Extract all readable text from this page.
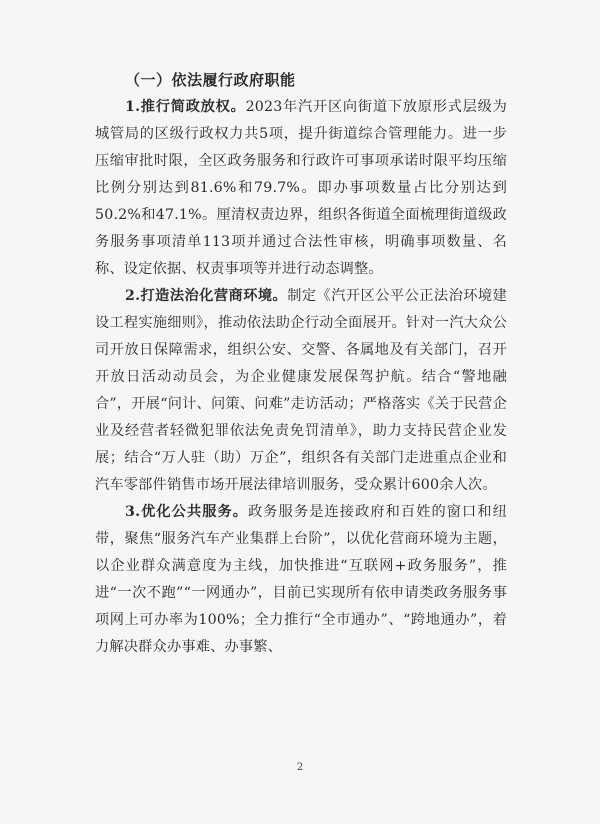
（一）依法履行政府职能

1.推行简政放权。2023年汽开区向街道下放原形式层级为城管局的区级行政权力共5项，提升街道综合管理能力。进一步压缩审批时限，全区政务服务和行政许可事项承诺时限平均压缩比例分别达到81.6%和79.7%。即办事项数量占比分别达到50.2%和47.1%。厘清权责边界，组织各街道全面梳理街道级政务服务事项清单113项并通过合法性审核，明确事项数量、名称、设定依据、权责事项等并进行动态调整。

2.打造法治化营商环境。制定《汽开区公平公正法治环境建设工程实施细则》，推动依法助企行动全面展开。针对一汽大众公司开放日保障需求，组织公安、交警、各属地及有关部门，召开开放日活动动员会，为企业健康发展保驾护航。结合“警地融合”，开展“问计、问策、问难”走访活动；严格落实《关于民营企业及经营者轻微犯罪依法免责免罚清单》，助力支持民营企业发展；结合“万人驻（助）万企”，组织各有关部门走进重点企业和汽车零部件销售市场开展法律培训服务，受众累计600余人次。

3.优化公共服务。政务服务是连接政府和百姓的窗口和纽带，聚焦“服务汽车产业集群上台阶”，以优化营商环境为主题，以企业群众满意度为主线，加快推进“互联网+政务服务”，推进“一次不跑”“一网通办”，目前已实现所有依申请类政务服务事项网上可办率为100%；全力推行“全市通办”、“跨地通办”，着力解决群众办事难、办事繁、

2
